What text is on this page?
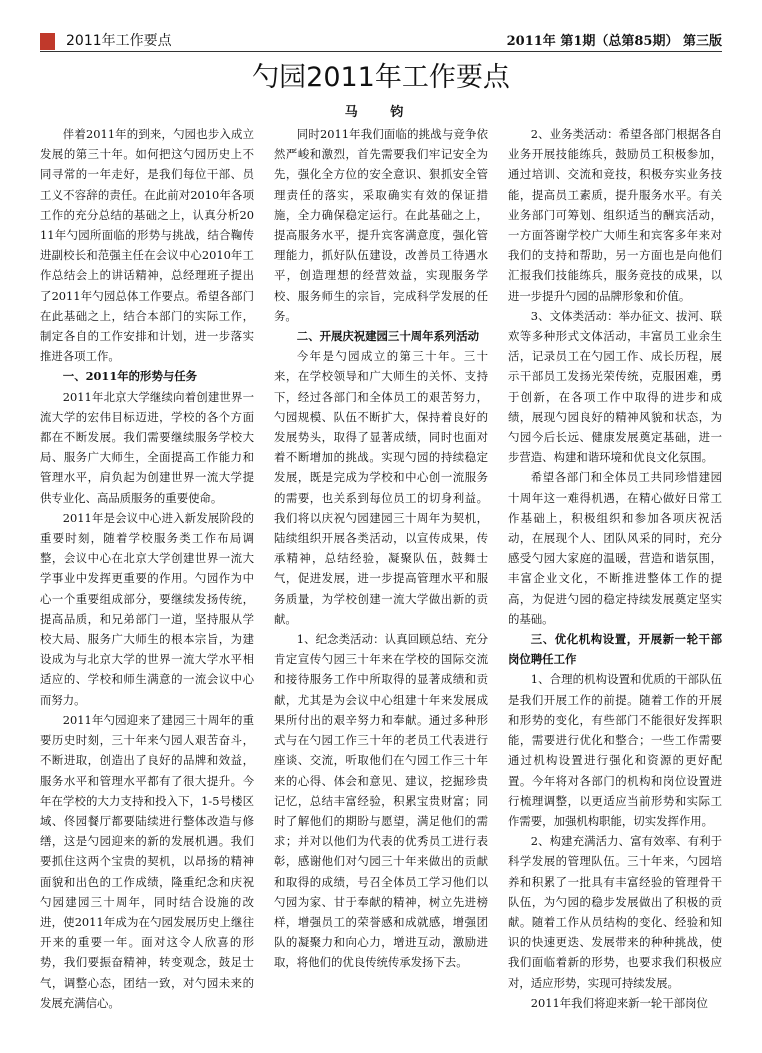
2011年工作要点	2011年 第1期（总第85期） 第三版
勺园2011年工作要点
马 钧

伴着2011年的到来，勺园也步入成立发展的第三十年。如何把这勺园历史上不同寻常的一年走好，是我们每位干部、员工义不容辞的责任。在此前对2010年各项工作的充分总结的基础之上，认真分析2011年勺园所面临的形势与挑战，结合鞠传进副校长和范强主任在会议中心2010年工作总结会上的讲话精神，总经理班子提出了2011年勺园总体工作要点。希望各部门在此基础之上，结合本部门的实际工作，制定各自的工作安排和计划，进一步落实推进各项工作。

一、2011年的形势与任务

2011年北京大学继续向着创建世界一流大学的宏伟目标迈进，学校的各个方面都在不断发展。我们需要继续服务学校大局、服务广大师生，全面提高工作能力和管理水平，肩负起为创建世界一流大学提供专业化、高品质服务的重要使命。

2011年是会议中心进入新发展阶段的重要时刻，随着学校服务类工作布局调整，会议中心在北京大学创建世界一流大学事业中发挥更重要的作用。勺园作为中心一个重要组成部分，要继续发扬传统，提高品质，和兄弟部门一道，坚持服从学校大局、服务广大师生的根本宗旨，为建设成为与北京大学的世界一流大学水平相适应的、学校和师生满意的一流会议中心而努力。

2011年勺园迎来了建园三十周年的重要历史时刻，三十年来勺园人艰苦奋斗，不断进取，创造出了良好的品牌和效益，服务水平和管理水平都有了很大提升。今年在学校的大力支持和投入下，1-5号楼区域、佟园餐厅都要陆续进行整体改造与修缮，这是勺园迎来的新的发展机遇。我们要抓住这两个宝贵的契机，以昂扬的精神面貌和出色的工作成绩，隆重纪念和庆祝勺园建园三十周年，同时结合设施的改进，使2011年成为在勺园发展历史上继往开来的重要一年。面对这令人欣喜的形势，我们要振奋精神，转变观念，鼓足士气，调整心态，团结一致，对勺园未来的发展充满信心。

同时2011年我们面临的挑战与竞争依然严峻和激烈，首先需要我们牢记安全为先，强化全方位的安全意识、狠抓安全管理责任的落实，采取确实有效的保证措施，全力确保稳定运行。在此基础之上，提高服务水平，提升宾客满意度，强化管理能力，抓好队伍建设，改善员工待遇水平，创造理想的经营效益，实现服务学校、服务师生的宗旨，完成科学发展的任务。

二、开展庆祝建园三十周年系列活动

今年是勺园成立的第三十年。三十来，在学校领导和广大师生的关怀、支持下，经过各部门和全体员工的艰苦努力，勺园规模、队伍不断扩大，保持着良好的发展势头，取得了显著成绩，同时也面对着不断增加的挑战。实现勺园的持续稳定发展，既是完成为学校和中心创一流服务的需要，也关系到每位员工的切身利益。我们将以庆祝勺园建园三十周年为契机，陆续组织开展各类活动，以宣传成果，传承精神，总结经验，凝聚队伍，鼓舞士气，促进发展，进一步提高管理水平和服务质量，为学校创建一流大学做出新的贡献。

1、纪念类活动：认真回顾总结、充分肯定宣传勺园三十年来在学校的国际交流和接待服务工作中所取得的显著成绩和贡献，尤其是为会议中心组建十年来发展成果所付出的艰辛努力和奉献。通过多种形式与在勺园工作三十年的老员工代表进行座谈、交流，听取他们在勺园工作三十年来的心得、体会和意见、建议，挖掘珍贵记忆，总结丰富经验，积累宝贵财富；同时了解他们的期盼与愿望，满足他们的需求；并对以他们为代表的优秀员工进行表彰，感谢他们对勺园三十年来做出的贡献和取得的成绩，号召全体员工学习他们以勺园为家、甘于奉献的精神，树立先进榜样，增强员工的荣誉感和成就感，增强团队的凝聚力和向心力，增进互动，激励进取，将他们的优良传统传承发扬下去。

2、业务类活动：希望各部门根据各自业务开展技能练兵，鼓励员工积极参加，通过培训、交流和竞技，积极夯实业务技能，提高员工素质，提升服务水平。有关业务部门可筹划、组织适当的酬宾活动，一方面答谢学校广大师生和宾客多年来对我们的支持和帮助，另一方面也是向他们汇报我们技能练兵，服务竞技的成果，以进一步提升勺园的品牌形象和价值。

3、文体类活动：举办征文、拔河、联欢等多种形式文体活动，丰富员工业余生活，记录员工在勺园工作、成长历程，展示干部员工发扬光荣传统，克服困难，勇于创新，在各项工作中取得的进步和成绩，展现勺园良好的精神风貌和状态，为勺园今后长远、健康发展奠定基础，进一步营造、构建和谐环境和优良文化氛围。

希望各部门和全体员工共同珍惜建园十周年这一难得机遇，在精心做好日常工作基础上，积极组织和参加各项庆祝活动，在展现个人、团队风采的同时，充分感受勺园大家庭的温暖，营造和谐氛围，丰富企业文化，不断推进整体工作的提高，为促进勺园的稳定持续发展奠定坚实的基础。

三、优化机构设置，开展新一轮干部岗位聘任工作

1、合理的机构设置和优质的干部队伍是我们开展工作的前提。随着工作的开展和形势的变化，有些部门不能很好发挥职能，需要进行优化和整合；一些工作需要通过机构设置进行强化和资源的更好配置。今年将对各部门的机构和岗位设置进行梳理调整，以更适应当前形势和实际工作需要，加强机构职能，切实发挥作用。

2、构建充满活力、富有效率、有利于科学发展的管理队伍。三十年来，勺园培养和积累了一批具有丰富经验的管理骨干队伍，为勺园的稳步发展做出了积极的贡献。随着工作从员结构的变化、经验和知识的快速更迭、发展带来的种种挑战，使我们面临着新的形势，也要求我们积极应对，适应形势，实现可持续发展。

2011年我们将迎来新一轮干部岗位
